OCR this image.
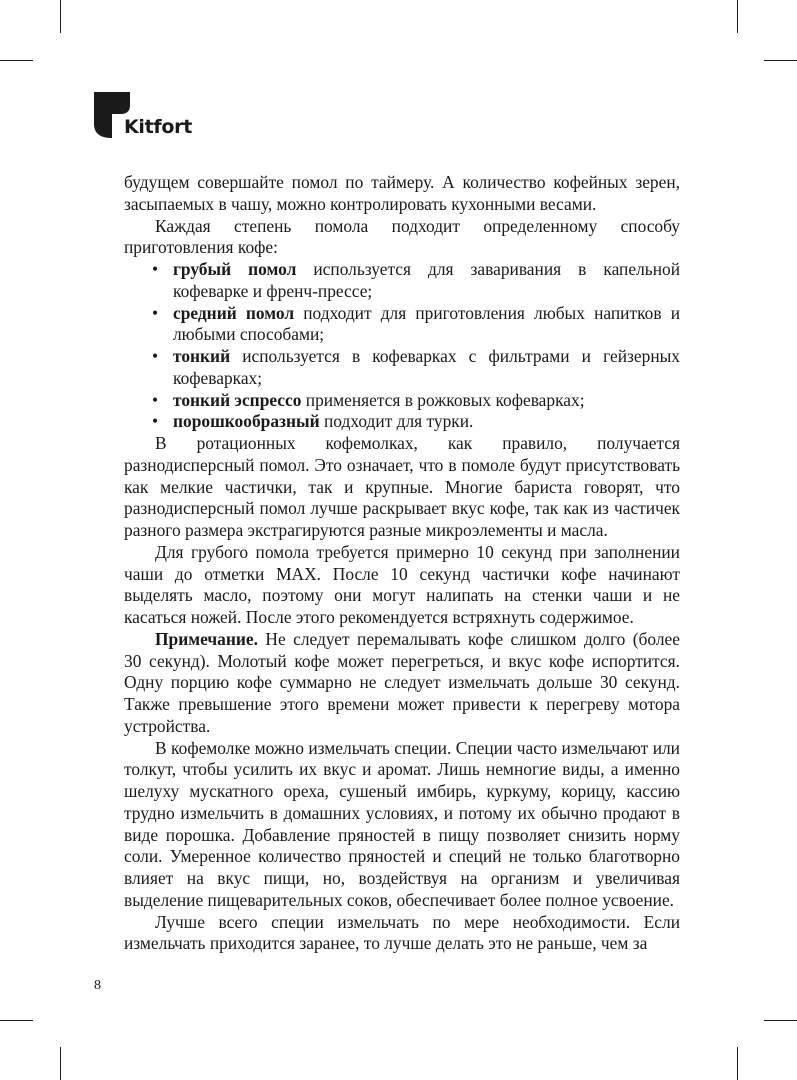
Kitfort

будущем совершайте помол по таймеру. А количество кофейных зерен, засыпаемых в чашу, можно контролировать кухонными весами.

Каждая степень помола подходит определенному способу приготовления кофе:

• грубый помол используется для заваривания в капельной кофеварке и френч-прессе;
• средний помол подходит для приготовления любых напитков и любыми способами;
• тонкий используется в кофеварках с фильтрами и гейзерных кофеварках;
• тонкий эспрессо применяется в рожковых кофеварках;
• порошкообразный подходит для турки.

В ротационных кофемолках, как правило, получается разнодисперсный помол. Это означает, что в помоле будут присутствовать как мелкие частички, так и крупные. Многие бариста говорят, что разнодисперсный помол лучше раскрывает вкус кофе, так как из частичек разного размера экстрагируются разные микроэлементы и масла.

Для грубого помола требуется примерно 10 секунд при заполнении чаши до отметки MAX. После 10 секунд частички кофе начинают выделять масло, поэтому они могут налипать на стенки чаши и не касаться ножей. После этого рекомендуется встряхнуть содержимое.

Примечание. Не следует перемалывать кофе слишком долго (более 30 секунд). Молотый кофе может перегреться, и вкус кофе испортится. Одну порцию кофе суммарно не следует измельчать дольше 30 секунд. Также превышение этого времени может привести к перегреву мотора устройства.

В кофемолке можно измельчать специи. Специи часто измельчают или толкут, чтобы усилить их вкус и аромат. Лишь немногие виды, а именно шелуху мускатного ореха, сушеный имбирь, куркуму, корицу, кассию трудно измельчить в домашних условиях, и потому их обычно продают в виде порошка. Добавление пряностей в пищу позволяет снизить норму соли. Умеренное количество пряностей и специй не только благотворно влияет на вкус пищи, но, воздействуя на организм и увеличивая выделение пищеварительных соков, обеспечивает более полное усвоение.

Лучше всего специи измельчать по мере необходимости. Если измельчать приходится заранее, то лучше делать это не раньше, чем за

8
